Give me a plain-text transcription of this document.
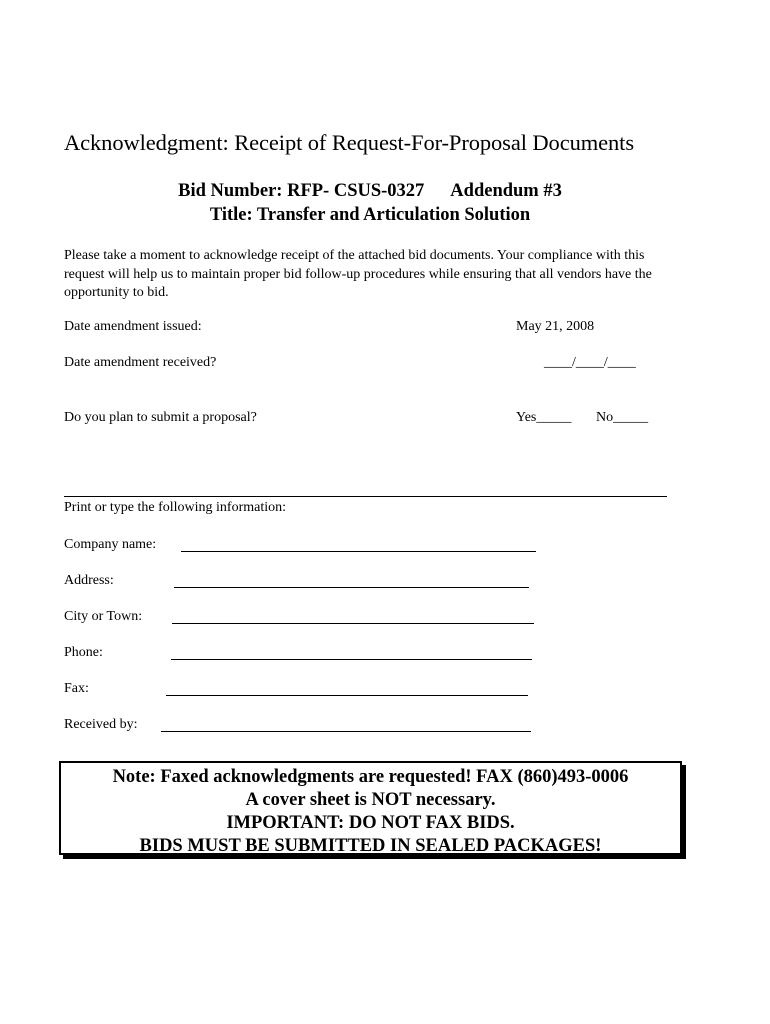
Acknowledgment: Receipt of Request-For-Proposal Documents
Bid Number: RFP- CSUS-0327 Addendum #3
Title: Transfer and Articulation Solution
Please take a moment to acknowledge receipt of the attached bid documents. Your compliance with this request will help us to maintain proper bid follow-up procedures while ensuring that all vendors have the opportunity to bid.
Date amendment issued:	May 21, 2008
Date amendment received?	____/____/____
Do you plan to submit a proposal?	Yes_____ No_____
Print or type the following information:
Company name:
Address:
City or Town:
Phone:
Fax:
Received by:
Note: Faxed acknowledgments are requested! FAX (860)493-0006
A cover sheet is NOT necessary.
IMPORTANT: DO NOT FAX BIDS.
BIDS MUST BE SUBMITTED IN SEALED PACKAGES!
